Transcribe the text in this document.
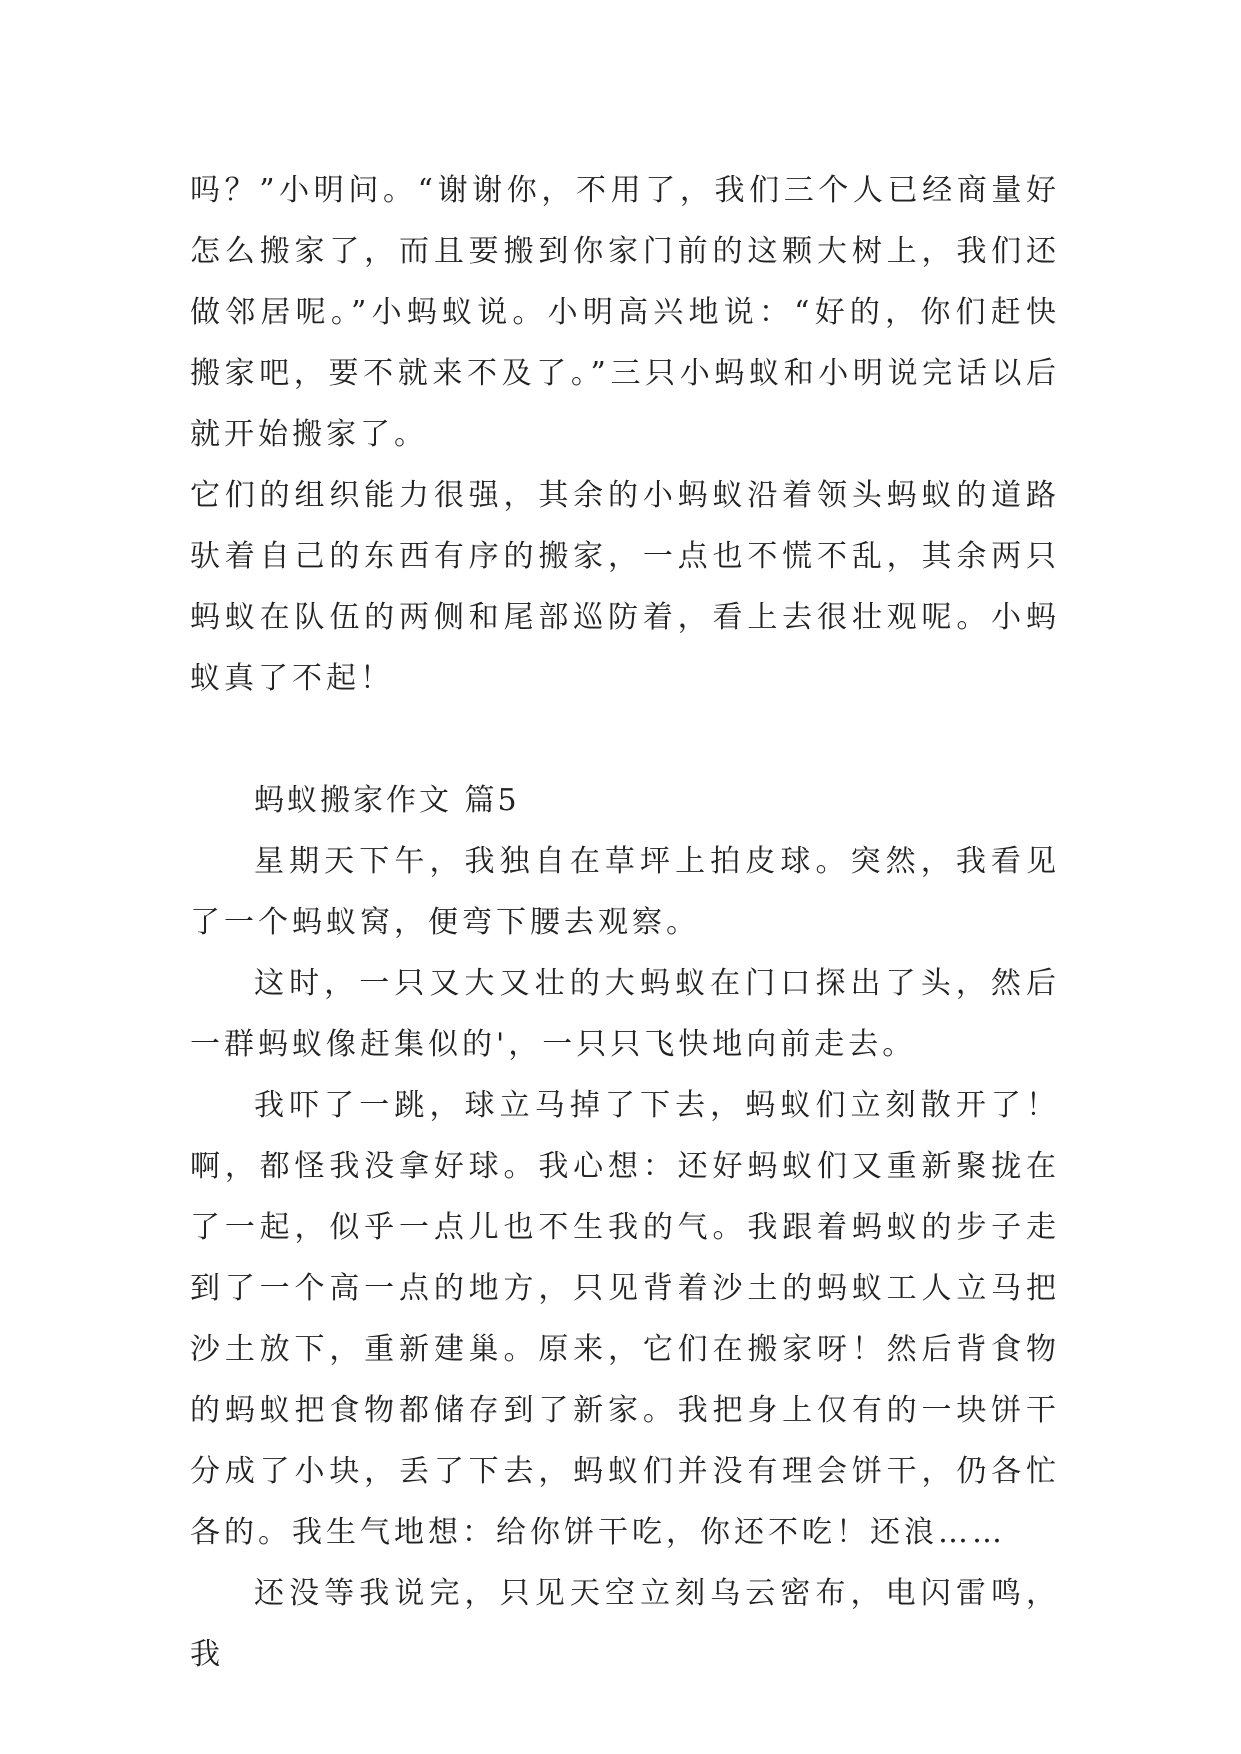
吗？”小明问。“谢谢你，不用了，我们三个人已经商量好怎么搬家了，而且要搬到你家门前的这颗大树上，我们还做邻居呢。”小蚂蚁说。小明高兴地说：“好的，你们赶快搬家吧，要不就来不及了。”三只小蚂蚁和小明说完话以后就开始搬家了。

它们的组织能力很强，其余的小蚂蚁沿着领头蚂蚁的道路驮着自己的东西有序的搬家，一点也不慌不乱，其余两只蚂蚁在队伍的两侧和尾部巡防着，看上去很壮观呢。小蚂蚁真了不起！

蚂蚁搬家作文 篇5

星期天下午，我独自在草坪上拍皮球。突然，我看见了一个蚂蚁窝，便弯下腰去观察。

这时，一只又大又壮的大蚂蚁在门口探出了头，然后一群蚂蚁像赶集似的'，一只只飞快地向前走去。

我吓了一跳，球立马掉了下去，蚂蚁们立刻散开了！啊，都怪我没拿好球。我心想：还好蚂蚁们又重新聚拢在了一起，似乎一点儿也不生我的气。我跟着蚂蚁的步子走到了一个高一点的地方，只见背着沙土的蚂蚁工人立马把沙土放下，重新建巢。原来，它们在搬家呀！然后背食物的蚂蚁把食物都储存到了新家。我把身上仅有的一块饼干分成了小块，丢了下去，蚂蚁们并没有理会饼干，仍各忙各的。我生气地想：给你饼干吃，你还不吃！还浪……

还没等我说完，只见天空立刻乌云密布，电闪雷鸣，我
